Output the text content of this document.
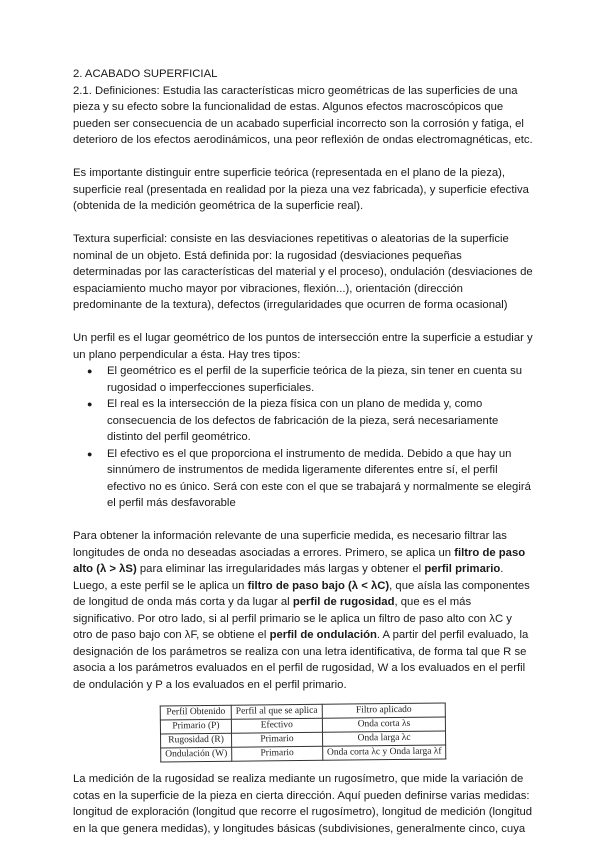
2. ACABADO SUPERFICIAL

2.1. Definiciones: Estudia las características micro geométricas de las superficies de una pieza y su efecto sobre la funcionalidad de estas. Algunos efectos macroscópicos que pueden ser consecuencia de un acabado superficial incorrecto son la corrosión y fatiga, el deterioro de los efectos aerodinámicos, una peor reflexión de ondas electromagnéticas, etc.

Es importante distinguir entre superficie teórica (representada en el plano de la pieza), superficie real (presentada en realidad por la pieza una vez fabricada), y superficie efectiva (obtenida de la medición geométrica de la superficie real).

Textura superficial: consiste en las desviaciones repetitivas o aleatorias de la superficie nominal de un objeto. Está definida por: la rugosidad (desviaciones pequeñas determinadas por las características del material y el proceso), ondulación (desviaciones de espaciamiento mucho mayor por vibraciones, flexión...), orientación (dirección predominante de la textura), defectos (irregularidades que ocurren de forma ocasional)

Un perfil es el lugar geométrico de los puntos de intersección entre la superficie a estudiar y un plano perpendicular a ésta. Hay tres tipos:

● El geométrico es el perfil de la superficie teórica de la pieza, sin tener en cuenta su rugosidad o imperfecciones superficiales.
● El real es la intersección de la pieza física con un plano de medida y, como consecuencia de los defectos de fabricación de la pieza, será necesariamente distinto del perfil geométrico.
● El efectivo es el que proporciona el instrumento de medida. Debido a que hay un sinnúmero de instrumentos de medida ligeramente diferentes entre sí, el perfil efectivo no es único. Será con este con el que se trabajará y normalmente se elegirá el perfil más desfavorable

Para obtener la información relevante de una superficie medida, es necesario filtrar las longitudes de onda no deseadas asociadas a errores. Primero, se aplica un filtro de paso alto (λ > λS) para eliminar las irregularidades más largas y obtener el perfil primario. Luego, a este perfil se le aplica un filtro de paso bajo (λ < λC), que aísla las componentes de longitud de onda más corta y da lugar al perfil de rugosidad, que es el más significativo. Por otro lado, si al perfil primario se le aplica un filtro de paso alto con λC y otro de paso bajo con λF, se obtiene el perfil de ondulación. A partir del perfil evaluado, la designación de los parámetros se realiza con una letra identificativa, de forma tal que R se asocia a los parámetros evaluados en el perfil de rugosidad, W a los evaluados en el perfil de ondulación y P a los evaluados en el perfil primario.

Perfil Obtenido	Perfil al que se aplica	Filtro aplicado
Primario (P)	Efectivo	Onda corta λs
Rugosidad (R)	Primario	Onda larga λc
Ondulación (W)	Primario	Onda corta λc y Onda larga λf

La medición de la rugosidad se realiza mediante un rugosímetro, que mide la variación de cotas en la superficie de la pieza en cierta dirección. Aquí pueden definirse varias medidas: longitud de exploración (longitud que recorre el rugosímetro), longitud de medición (longitud en la que genera medidas), y longitudes básicas (subdivisiones, generalmente cinco, cuya
